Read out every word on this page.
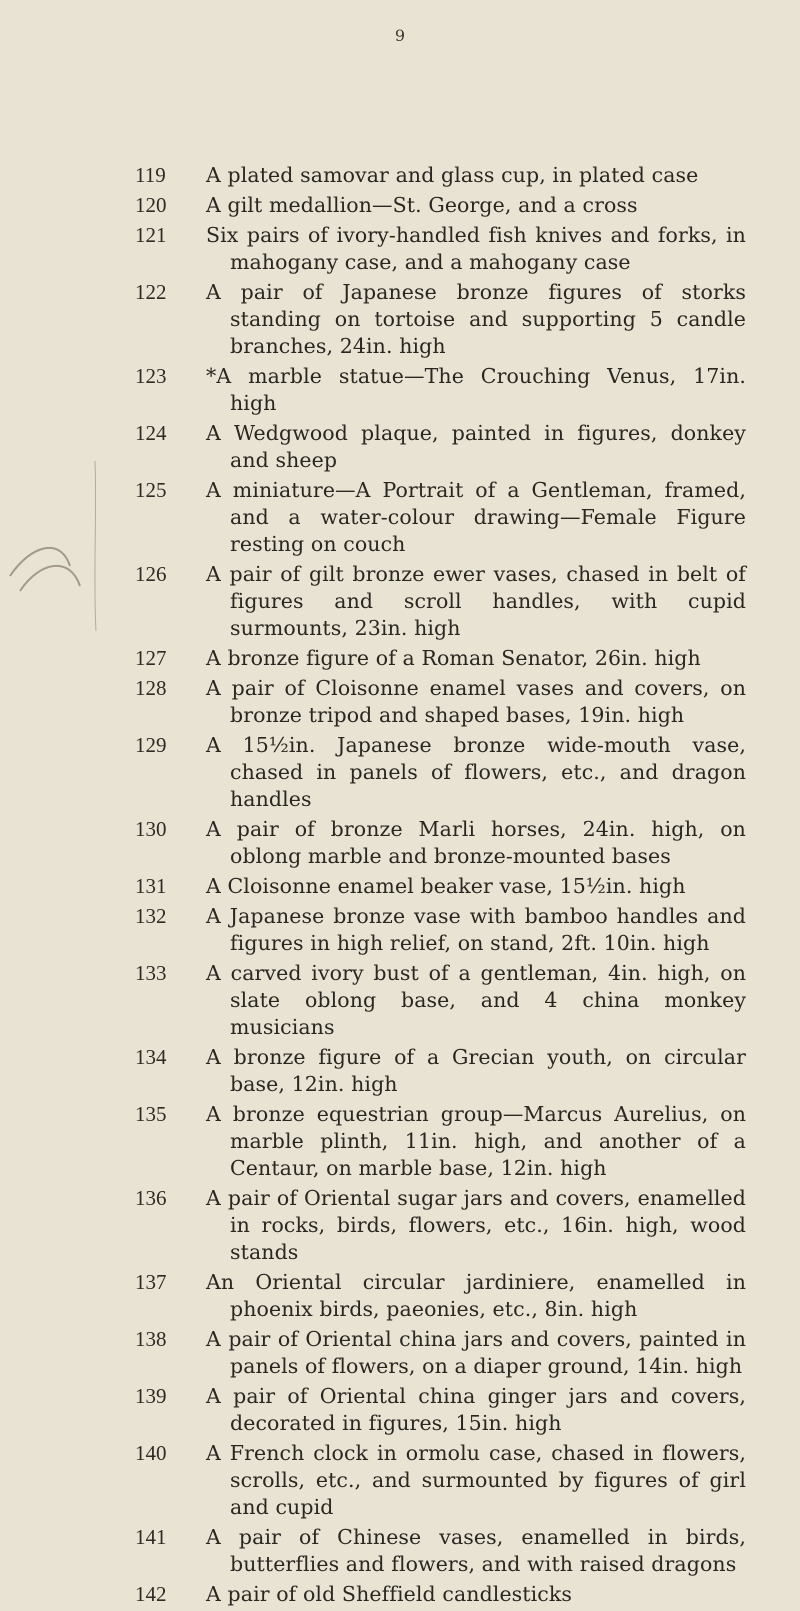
9
119	A plated samovar and glass cup, in plated case
120	A gilt medallion—St. George, and a cross
121	Six pairs of ivory-handled fish knives and forks, in mahogany case, and a mahogany case
122	A pair of Japanese bronze figures of storks standing on tortoise and supporting 5 candle branches, 24in. high
123	*A marble statue—The Crouching Venus, 17in. high
124	A Wedgwood plaque, painted in figures, donkey and sheep
125	A miniature—A Portrait of a Gentleman, framed, and a water-colour drawing—Female Figure resting on couch
126	A pair of gilt bronze ewer vases, chased in belt of figures and scroll handles, with cupid surmounts, 23in. high
127	A bronze figure of a Roman Senator, 26in. high
128	A pair of Cloisonne enamel vases and covers, on bronze tripod and shaped bases, 19in. high
129	A 15½in. Japanese bronze wide-mouth vase, chased in panels of flowers, etc., and dragon handles
130	A pair of bronze Marli horses, 24in. high, on oblong marble and bronze-mounted bases
131	A Cloisonne enamel beaker vase, 15½in. high
132	A Japanese bronze vase with bamboo handles and figures in high relief, on stand, 2ft. 10in. high
133	A carved ivory bust of a gentleman, 4in. high, on slate oblong base, and 4 china monkey musicians
134	A bronze figure of a Grecian youth, on circular base, 12in. high
135	A bronze equestrian group—Marcus Aurelius, on marble plinth, 11in. high, and another of a Centaur, on marble base, 12in. high
136	A pair of Oriental sugar jars and covers, enamelled in rocks, birds, flowers, etc., 16in. high, wood stands
137	An Oriental circular jardiniere, enamelled in phoenix birds, paeonies, etc., 8in. high
138	A pair of Oriental china jars and covers, painted in panels of flowers, on a diaper ground, 14in. high
139	A pair of Oriental china ginger jars and covers, decorated in figures, 15in. high
140	A French clock in ormolu case, chased in flowers, scrolls, etc., and surmounted by figures of girl and cupid
141	A pair of Chinese vases, enamelled in birds, butterflies and flowers, and with raised dragons
142	A pair of old Sheffield candlesticks
